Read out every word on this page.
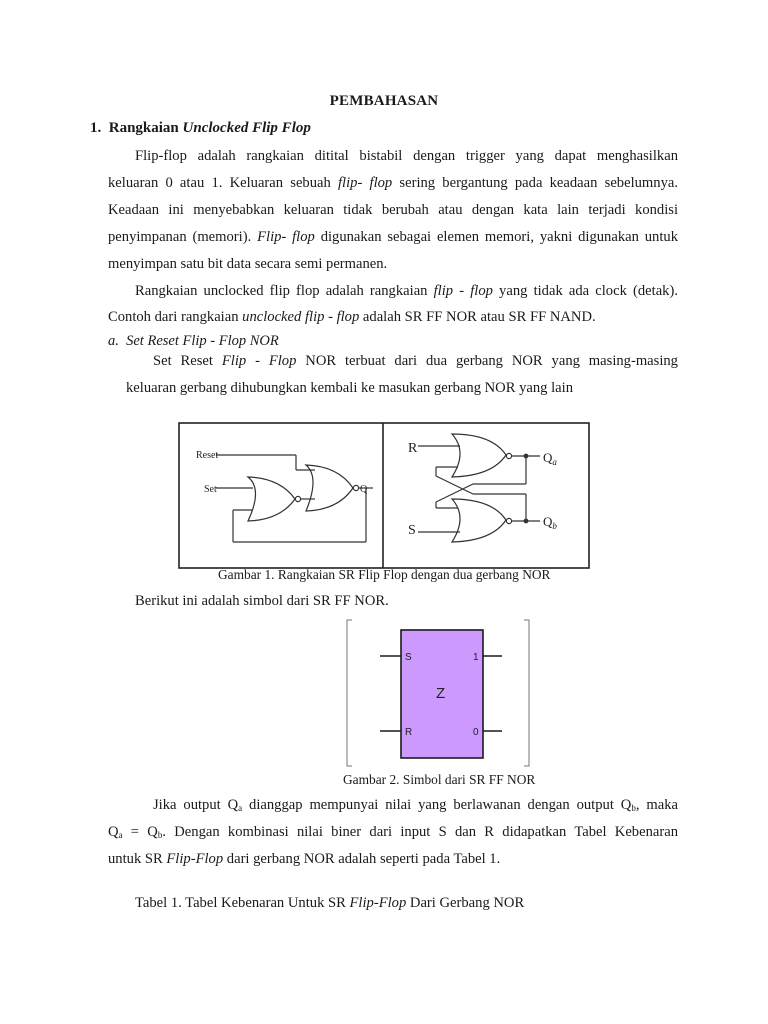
PEMBAHASAN
1. Rangkaian Unclocked Flip Flop
Flip-flop adalah rangkaian ditital bistabil dengan trigger yang dapat menghasilkan
keluaran 0 atau 1. Keluaran sebuah flip- flop sering bergantung pada keadaan sebelumnya.
Keadaan ini menyebabkan keluaran tidak berubah atau dengan kata lain terjadi kondisi
penyimpanan (memori). Flip- flop digunakan sebagai elemen memori, yakni digunakan untuk
menyimpan satu bit data secara semi permanen.
Rangkaian unclocked flip flop adalah rangkaian flip - flop yang tidak ada clock (detak).
Contoh dari rangkaian unclocked flip - flop adalah SR FF NOR atau SR FF NAND.
a. Set Reset Flip - Flop NOR
Set Reset Flip - Flop NOR terbuat dari dua gerbang NOR yang masing-masing
keluaran gerbang dihubungkan kembali ke masukan gerbang NOR yang lain
Reset
Set	Q
R
S
$Q_a$
$Q_b$
Gambar 1. Rangkaian SR Flip Flop dengan dua gerbang NOR
Berikut ini adalah simbol dari SR FF NOR.
S
R
1
0
Z
Gambar 2. Simbol dari SR FF NOR
Jika output $Q_a$ dianggap mempunyai nilai yang berlawanan dengan output $Q_b$, maka
$Q_a = Q_b$. Dengan kombinasi nilai biner dari input S dan R didapatkan Tabel Kebenaran
untuk SR Flip-Flop dari gerbang NOR adalah seperti pada Tabel 1.
Tabel 1. Tabel Kebenaran Untuk SR Flip-Flop Dari Gerbang NOR
